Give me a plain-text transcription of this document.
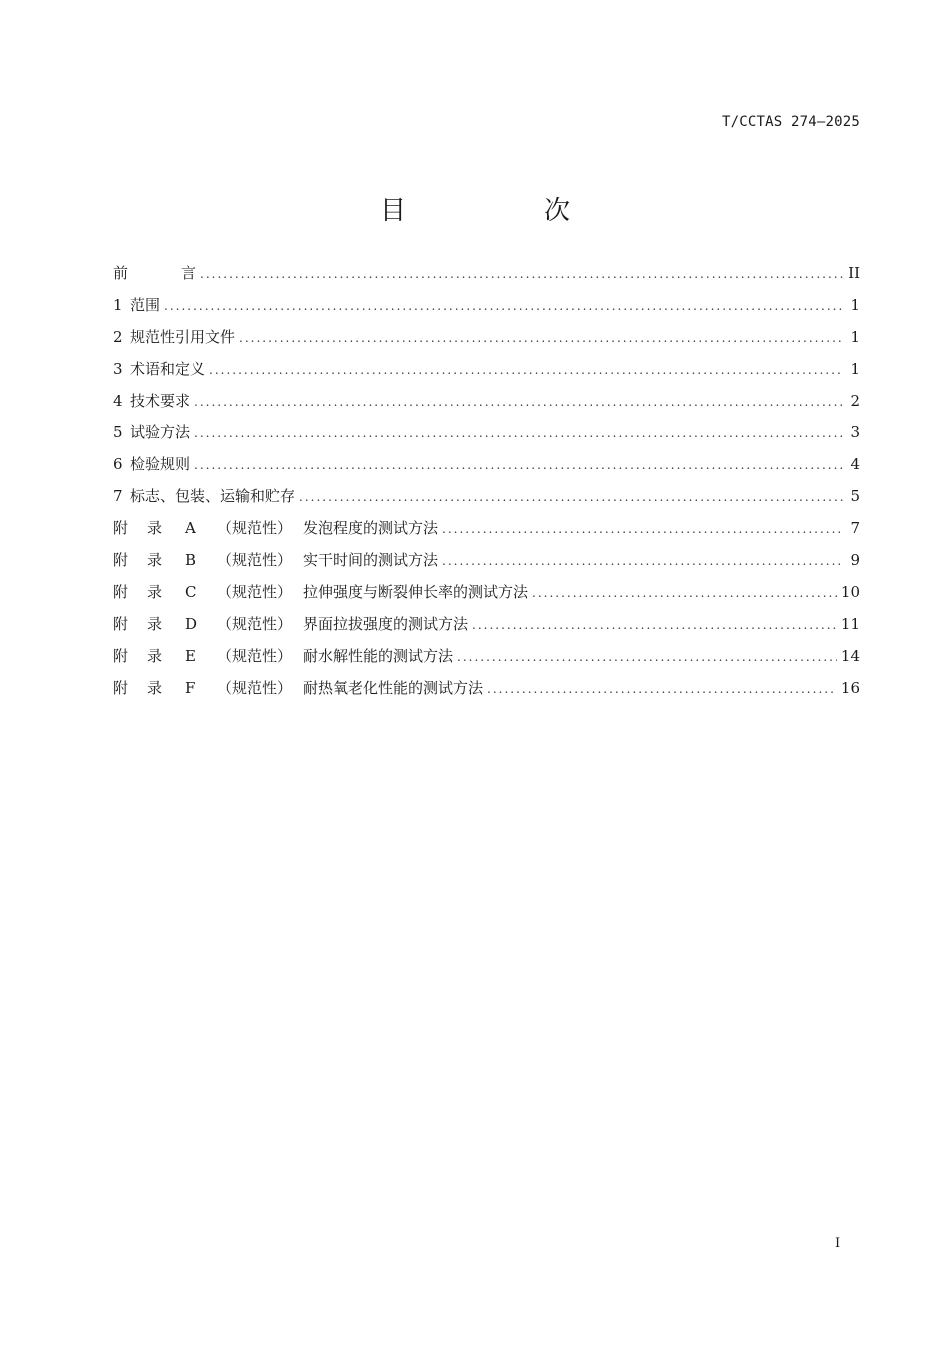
T/CCTAS 274—2025
目　次
前	言 .....	II
1 范围 .....	1
2 规范性引用文件 .....	1
3 术语和定义 .....	1
4 技术要求 .....	2
5 试验方法 .....	3
6 检验规则 .....	4
7 标志、包装、运输和贮存 .....	5
附 录 A （规范性） 发泡程度的测试方法 .....	7
附 录 B （规范性） 实干时间的测试方法 .....	9
附 录 C （规范性） 拉伸强度与断裂伸长率的测试方法 .....	10
附 录 D （规范性） 界面拉拔强度的测试方法 .....	11
附 录 E （规范性） 耐水解性能的测试方法 .....	14
附 录 F （规范性） 耐热氧老化性能的测试方法 .....	16
I
